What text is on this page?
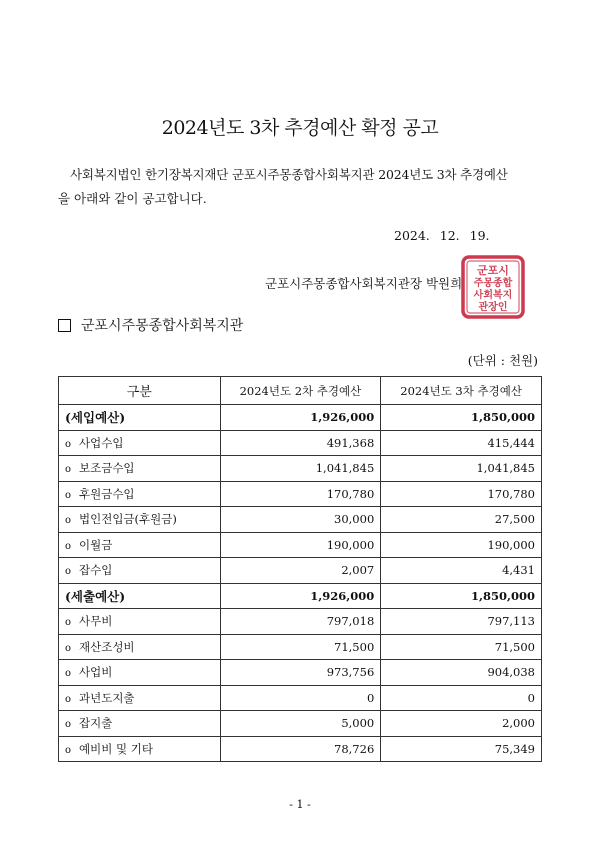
2024년도 3차 추경예산 확정 공고
사회복지법인 한기장복지재단 군포시주몽종합사회복지관 2024년도 3차 추경예산
을 아래와 같이 공고합니다.
2024. 12. 19.
군포시주몽종합사회복지관장 박원희
군포시
주몽종합
사회복지
관장인
군포시주몽종합사회복지관
(단위 : 천원)
구분	2024년도 2차 추경예산	2024년도 3차 추경예산
(세입예산)	1,926,000	1,850,000
o 사업수입	491,368	415,444
o 보조금수입	1,041,845	1,041,845
o 후원금수입	170,780	170,780
o 법인전입금(후원금)	30,000	27,500
o 이월금	190,000	190,000
o 잡수입	2,007	4,431
(세출예산)	1,926,000	1,850,000
o 사무비	797,018	797,113
o 재산조성비	71,500	71,500
o 사업비	973,756	904,038
o 과년도지출	0	0
o 잡지출	5,000	2,000
o 예비비 및 기타	78,726	75,349
- 1 -
